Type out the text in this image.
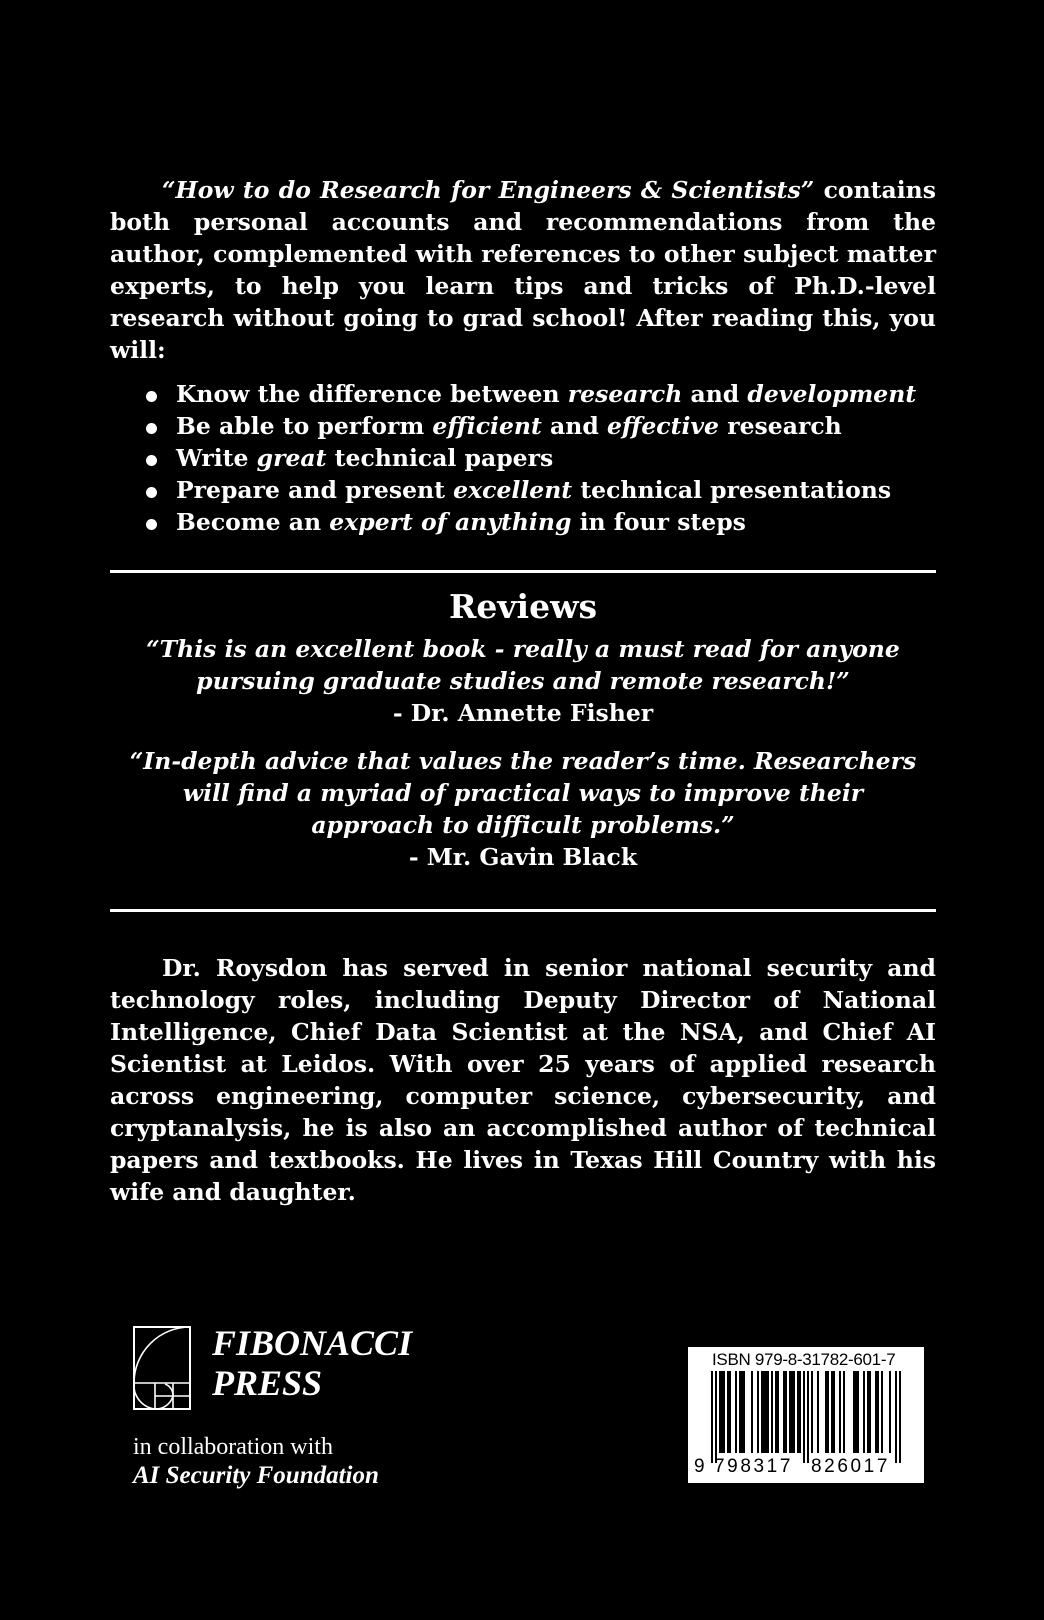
“How to do Research for Engineers & Scientists” contains both personal accounts and recommendations from the author, complemented with references to other subject matter experts, to help you learn tips and tricks of Ph.D.-level research without going to grad school! After reading this, you will:

Know the difference between research and development
Be able to perform efficient and effective research
Write great technical papers
Prepare and present excellent technical presentations
Become an expert of anything in four steps
Reviews
“This is an excellent book - really a must read for anyone
pursuing graduate studies and remote research!”
- Dr. Annette Fisher
“In-depth advice that values the reader’s time. Researchers
will find a myriad of practical ways to improve their
approach to difficult problems.”
- Mr. Gavin Black

Dr. Roysdon has served in senior national security and technology roles, including Deputy Director of National Intelligence, Chief Data Scientist at the NSA, and Chief AI Scientist at Leidos. With over 25 years of applied research across engineering, computer science, cybersecurity, and cryptanalysis, he is also an accomplished author of technical papers and textbooks. He lives in Texas Hill Country with his wife and daughter.

FIBONACCI
PRESS
in collaboration with
AI Security Foundation
ISBN 979-8-31782-601-7
9 798317 826017
